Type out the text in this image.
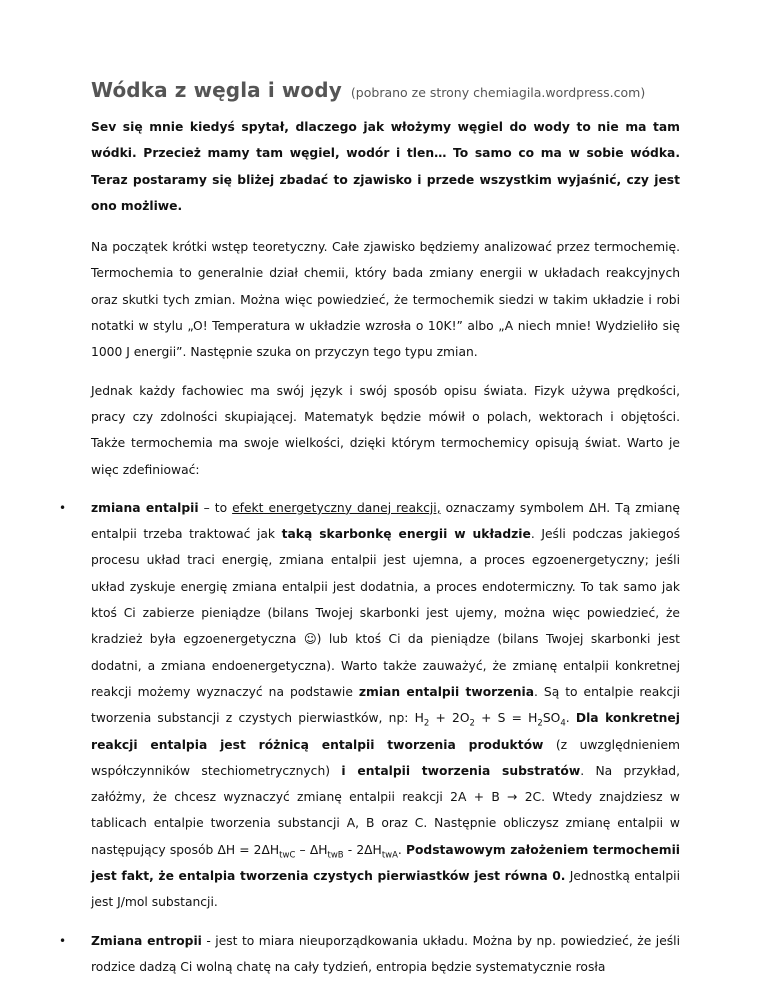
Wódka z węgla i wody (pobrano ze strony chemiagila.wordpress.com)

Sev się mnie kiedyś spytał, dlaczego jak włożymy węgiel do wody to nie ma tam wódki. Przecież mamy tam węgiel, wodór i tlen… To samo co ma w sobie wódka. Teraz postaramy się bliżej zbadać to zjawisko i przede wszystkim wyjaśnić, czy jest ono możliwe.

Na początek krótki wstęp teoretyczny. Całe zjawisko będziemy analizować przez termochemię. Termochemia to generalnie dział chemii, który bada zmiany energii w układach reakcyjnych oraz skutki tych zmian. Można więc powiedzieć, że termochemik siedzi w takim układzie i robi notatki w stylu „O! Temperatura w układzie wzrosła o 10K!” albo „A niech mnie! Wydzieliło się 1000 J energii”. Następnie szuka on przyczyn tego typu zmian.

Jednak każdy fachowiec ma swój język i swój sposób opisu świata. Fizyk używa prędkości, pracy czy zdolności skupiającej. Matematyk będzie mówił o polach, wektorach i objętości. Także termochemia ma swoje wielkości, dzięki którym termochemicy opisują świat. Warto je więc zdefiniować:

• zmiana entalpii – to efekt energetyczny danej reakcji, oznaczamy symbolem ΔH. Tą zmianę entalpii trzeba traktować jak taką skarbonkę energii w układzie. Jeśli podczas jakiegoś procesu układ traci energię, zmiana entalpii jest ujemna, a proces egzoenergetyczny; jeśli układ zyskuje energię zmiana entalpii jest dodatnia, a proces endotermiczny. To tak samo jak ktoś Ci zabierze pieniądze (bilans Twojej skarbonki jest ujemy, można więc powiedzieć, że kradzież była egzoenergetyczna ☺) lub ktoś Ci da pieniądze (bilans Twojej skarbonki jest dodatni, a zmiana endoenergetyczna). Warto także zauważyć, że zmianę entalpii konkretnej reakcji możemy wyznaczyć na podstawie zmian entalpii tworzenia. Są to entalpie reakcji tworzenia substancji z czystych pierwiastków, np: $H_2 + 2O_2 + S = H_2SO_4$. Dla konkretnej reakcji entalpia jest różnicą entalpii tworzenia produktów (z uwzględnieniem współczynników stechiometrycznych) i entalpii tworzenia substratów. Na przykład, załóżmy, że chcesz wyznaczyć zmianę entalpii reakcji 2A + B → 2C. Wtedy znajdziesz w tablicach entalpie tworzenia substancji A, B oraz C. Następnie obliczysz zmianę entalpii w następujący sposób $\Delta H = 2\Delta H_{twC} - \Delta H_{twB} - 2\Delta H_{twA}$. Podstawowym założeniem termochemii jest fakt, że entalpia tworzenia czystych pierwiastków jest równa 0. Jednostką entalpii jest J/mol substancji.

• Zmiana entropii - jest to miara nieuporządkowania układu. Można by np. powiedzieć, że jeśli rodzice dadzą Ci wolną chatę na cały tydzień, entropia będzie systematycznie rosła
